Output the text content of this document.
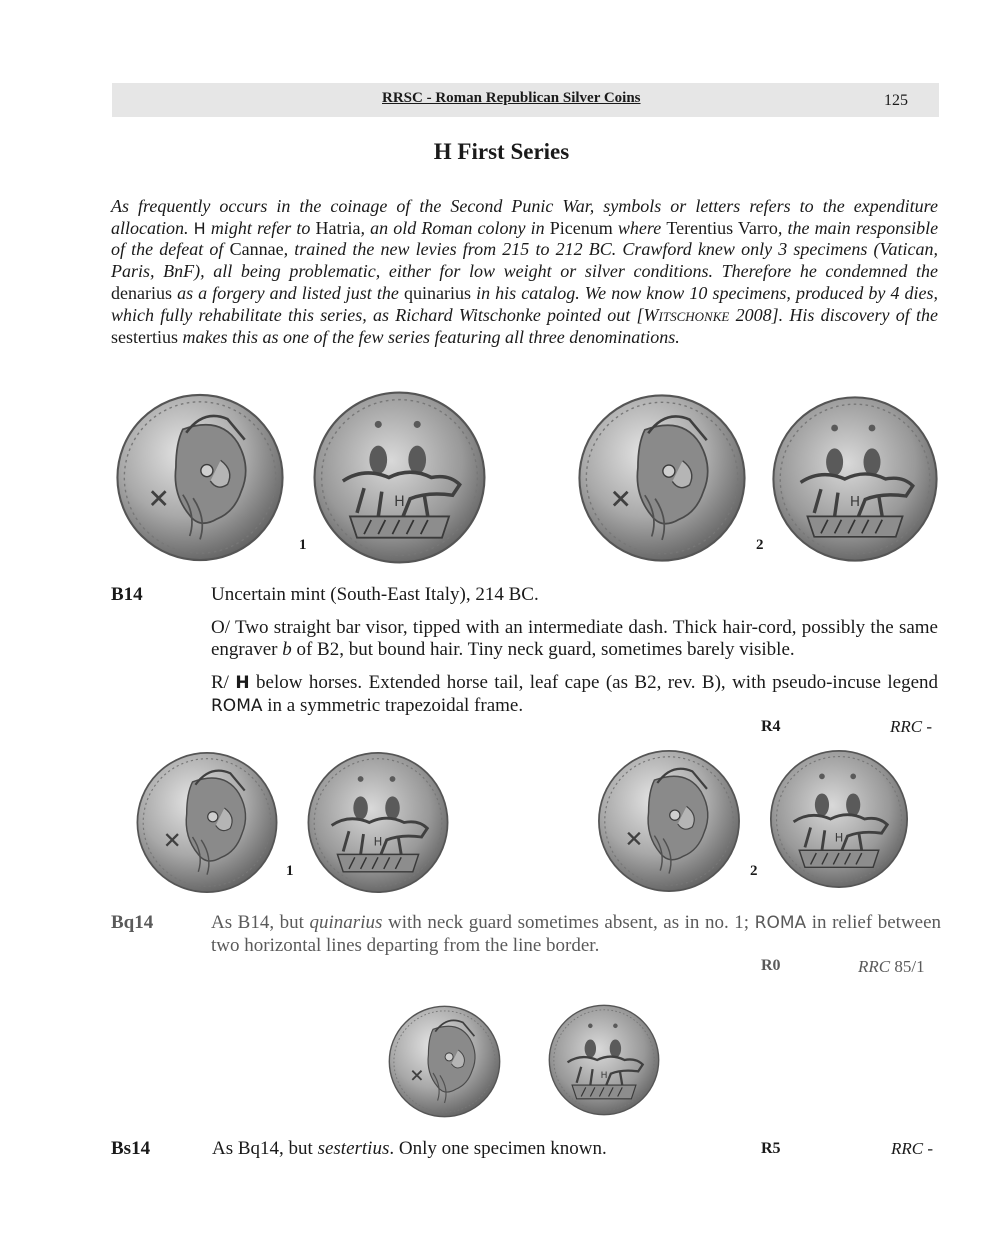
RRSC - Roman Republican Silver Coins	125
H First Series

As frequently occurs in the coinage of the Second Punic War, symbols or letters refers to the expenditure allocation. H might refer to Hatria, an old Roman colony in Picenum where Terentius Varro, the main responsible of the defeat of Cannae, trained the new levies from 215 to 212 BC. Crawford knew only 3 specimens (Vatican, Paris, BnF), all being problematic, either for low weight or silver conditions. Therefore he condemned the denarius as a forgery and listed just the quinarius in his catalog. We now know 10 specimens, produced by 4 dies, which fully rehabilitate this series, as Richard Witschonke pointed out [WITSCHONKE 2008]. His discovery of the sestertius makes this as one of the few series featuring all three denominations.

1	2
B14	Uncertain mint (South-East Italy), 214 BC.

O/ Two straight bar visor, tipped with an intermediate dash. Thick hair-cord, possibly the same engraver b of B2, but bound hair. Tiny neck guard, sometimes barely visible.

R/ H below horses. Extended horse tail, leaf cape (as B2, rev. B), with pseudo-incuse legend ROMA in a symmetric trapezoidal frame.

R4	RRC -
1	2
Bq14	As B14, but quinarius with neck guard sometimes absent, as in no. 1; ROMA in relief between two horizontal lines departing from the line border.

R0	RRC 85/1
Bs14	As Bq14, but sestertius. Only one specimen known.	R5	RRC -
